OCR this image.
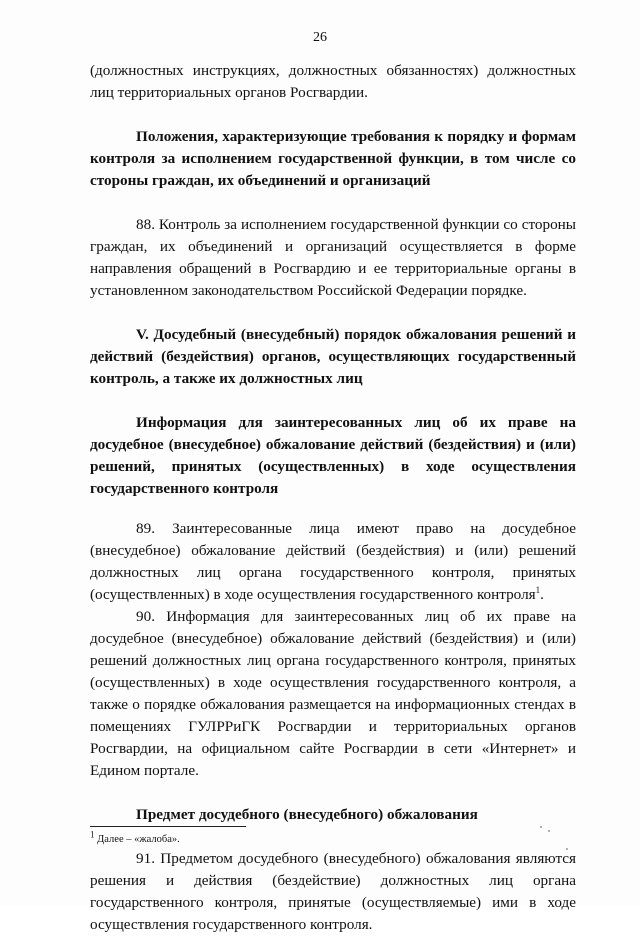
26

(должностных инструкциях, должностных обязанностях) должностных лиц территориальных органов Росгвардии.

Положения, характеризующие требования к порядку и формам контроля за исполнением государственной функции, в том числе со стороны граждан, их объединений и организаций

88. Контроль за исполнением государственной функции со стороны граждан, их объединений и организаций осуществляется в форме направления обращений в Росгвардию и ее территориальные органы в установленном законодательством Российской Федерации порядке.

V. Досудебный (внесудебный) порядок обжалования решений и действий (бездействия) органов, осуществляющих государственный контроль, а также их должностных лиц

Информация для заинтересованных лиц об их праве на досудебное (внесудебное) обжалование действий (бездействия) и (или) решений, принятых (осуществленных) в ходе осуществления государственного контроля

89. Заинтересованные лица имеют право на досудебное (внесудебное) обжалование действий (бездействия) и (или) решений должностных лиц органа государственного контроля, принятых (осуществленных) в ходе осуществления государственного контроля$^1$.

90. Информация для заинтересованных лиц об их праве на досудебное (внесудебное) обжалование действий (бездействия) и (или) решений должностных лиц органа государственного контроля, принятых (осуществленных) в ходе осуществления государственного контроля, а также о порядке обжалования размещается на информационных стендах в помещениях ГУЛРРиГК Росгвардии и территориальных органов Росгвардии, на официальном сайте Росгвардии в сети «Интернет» и Едином портале.

Предмет досудебного (внесудебного) обжалования

91. Предметом досудебного (внесудебного) обжалования являются решения и действия (бездействие) должностных лиц органа государственного контроля, принятые (осуществляемые) ими в ходе осуществления государственного контроля.

$^1$ Далее – «жалоба».
